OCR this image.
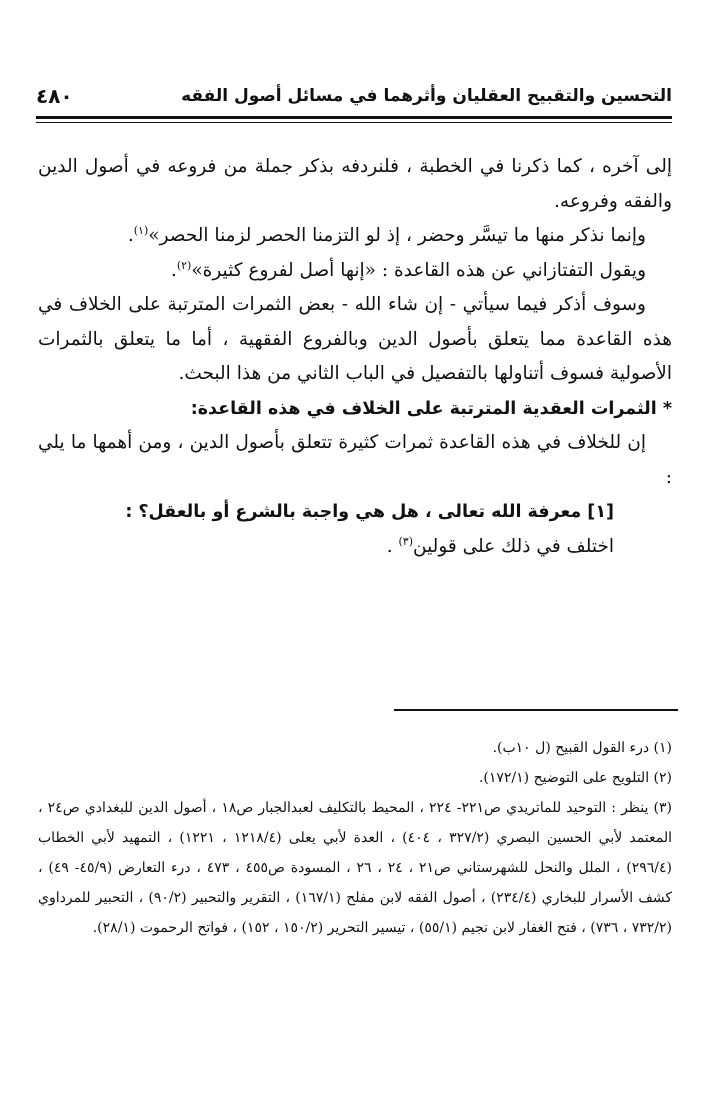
التحسين والتقبيح العقليان وأثرهما في مسائل أصول الفقه
٤٨٠

إلى آخره ، كما ذكرنا في الخطبة ، فلنردفه بذكر جملة من فروعه في أصول الدين والفقه وفروعه.

وإنما نذكر منها ما تيسَّر وحضر ، إذ لو التزمنا الحصر لزمنا الحصر»$^{(١)}$.

ويقول التفتازاني عن هذه القاعدة : «إنها أصل لفروع كثيرة»$^{(٢)}$.

وسوف أذكر فيما سيأتي - إن شاء الله - بعض الثمرات المترتبة على الخلاف في هذه القاعدة مما يتعلق بأصول الدين وبالفروع الفقهية ، أما ما يتعلق بالثمرات الأصولية فسوف أتناولها بالتفصيل في الباب الثاني من هذا البحث.

* الثمرات العقدية المترتبة على الخلاف في هذه القاعدة:

إن للخلاف في هذه القاعدة ثمرات كثيرة تتعلق بأصول الدين ، ومن أهمها ما يلي :

[١] معرفة الله تعالى ، هل هي واجبة بالشرع أو بالعقل؟ :

اختلف في ذلك على قولين$^{(٣)}$ .

(١) درء القول القبيح (ل ١٠ب).

(٢) التلويح على التوضيح (١٧٢/١).

(٣) ينظر : التوحيد للماتريدي ص٢٢١- ٢٢٤ ، المحيط بالتكليف لعبدالجبار ص١٨ ، أصول الدين للبغدادي ص٢٤ ، المعتمد لأبي الحسين البصري (٣٢٧/٢ ، ٤٠٤) ، العدة لأبي يعلى (١٢١٨/٤ ، ١٢٢١) ، التمهيد لأبي الخطاب (٢٩٦/٤) ، الملل والنحل للشهرستاني ص٢١ ، ٢٤ ، ٢٦ ، المسودة ص٤٥٥ ، ٤٧٣ ، درء التعارض (٤٥/٩- ٤٩) ، كشف الأسرار للبخاري (٢٣٤/٤) ، أصول الفقه لابن مفلح (١٦٧/١) ، التقرير والتحبير (٩٠/٢) ، التحبير للمرداوي (٧٣٢/٢ ، ٧٣٦) ، فتح الغفار لابن نجيم (٥٥/١) ، تيسير التحرير (١٥٠/٢ ، ١٥٢) ، فواتح الرحموت (٢٨/١).
